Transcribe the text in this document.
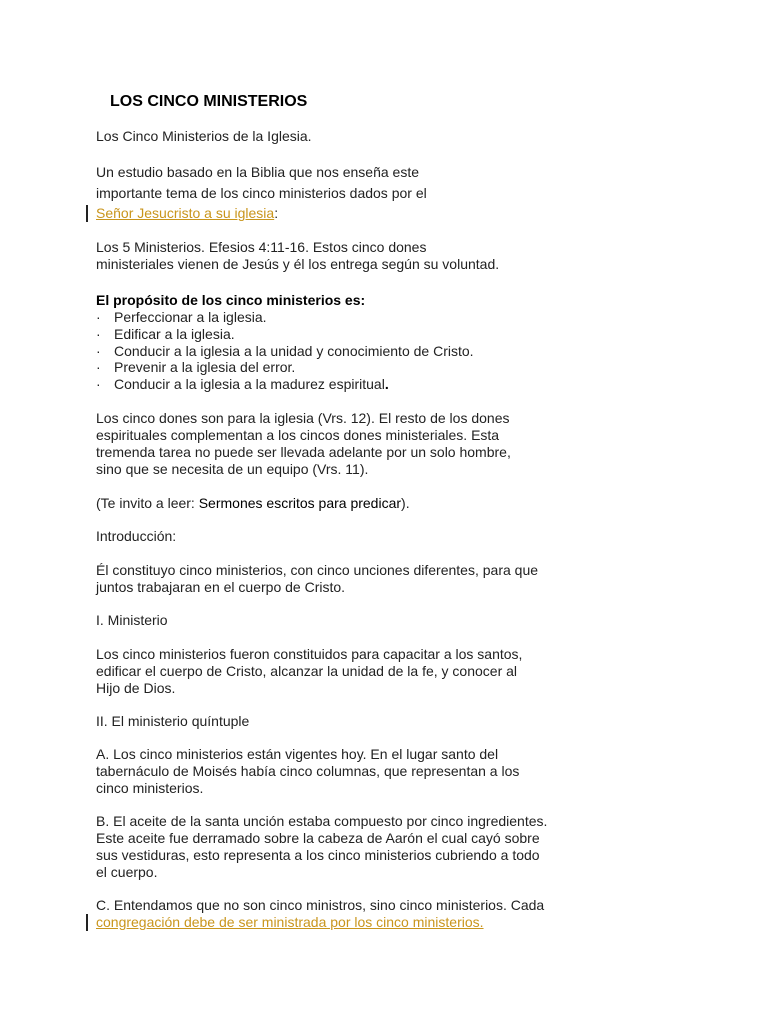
LOS CINCO MINISTERIOS
Los Cinco Ministerios de la Iglesia.
Un estudio basado en la Biblia que nos enseña este
importante tema de los cinco ministerios dados por el
Señor Jesucristo a su iglesia:
Los 5 Ministerios. Efesios 4:11-16. Estos cinco dones
ministeriales vienen de Jesús y él los entrega según su voluntad.
El propósito de los cinco ministerios es:
· Perfeccionar a la iglesia.
· Edificar a la iglesia.
· Conducir a la iglesia a la unidad y conocimiento de Cristo.
· Prevenir a la iglesia del error.
· Conducir a la iglesia a la madurez espiritual.
Los cinco dones son para la iglesia (Vrs. 12). El resto de los dones
espirituales complementan a los cincos dones ministeriales. Esta
tremenda tarea no puede ser llevada adelante por un solo hombre,
sino que se necesita de un equipo (Vrs. 11).
(Te invito a leer: Sermones escritos para predicar).
Introducción:
Él constituyo cinco ministerios, con cinco unciones diferentes, para que
juntos trabajaran en el cuerpo de Cristo.
I. Ministerio
Los cinco ministerios fueron constituidos para capacitar a los santos,
edificar el cuerpo de Cristo, alcanzar la unidad de la fe, y conocer al
Hijo de Dios.
II. El ministerio quíntuple
A. Los cinco ministerios están vigentes hoy. En el lugar santo del
tabernáculo de Moisés había cinco columnas, que representan a los
cinco ministerios.
B. El aceite de la santa unción estaba compuesto por cinco ingredientes.
Este aceite fue derramado sobre la cabeza de Aarón el cual cayó sobre
sus vestiduras, esto representa a los cinco ministerios cubriendo a todo
el cuerpo.
C. Entendamos que no son cinco ministros, sino cinco ministerios. Cada
congregación debe de ser ministrada por los cinco ministerios.
